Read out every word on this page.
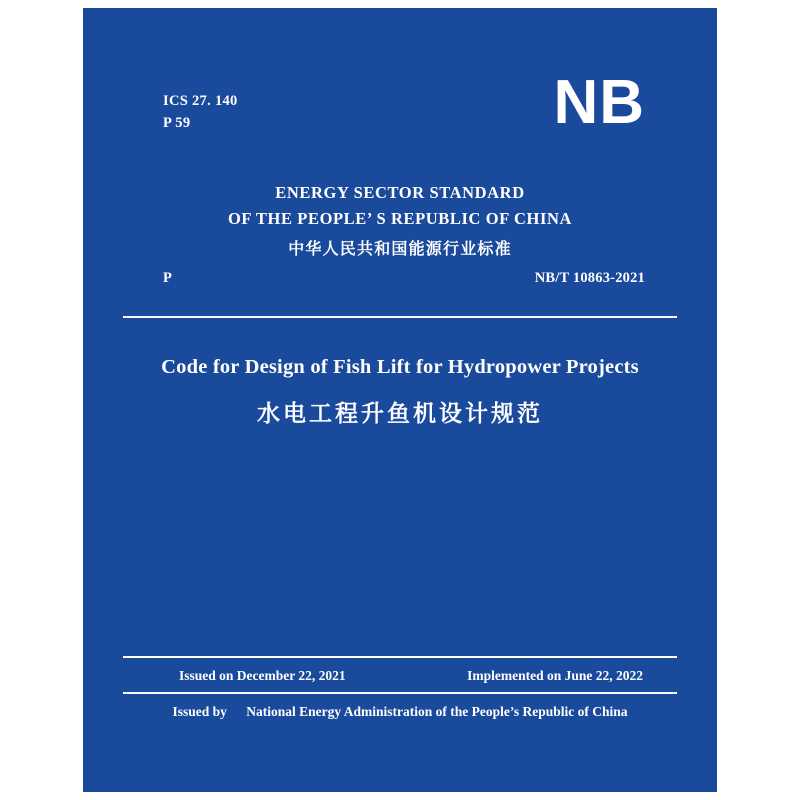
ICS 27. 140
P 59	NB
ENERGY SECTOR STANDARD
OF THE PEOPLE’ S REPUBLIC OF CHINA
中华人民共和国能源行业标准
P	NB/T 10863-2021
Code for Design of Fish Lift for Hydropower Projects
水电工程升鱼机设计规范
Issued on December 22, 2021	Implemented on June 22, 2022
Issued by National Energy Administration of the People’s Republic of China
